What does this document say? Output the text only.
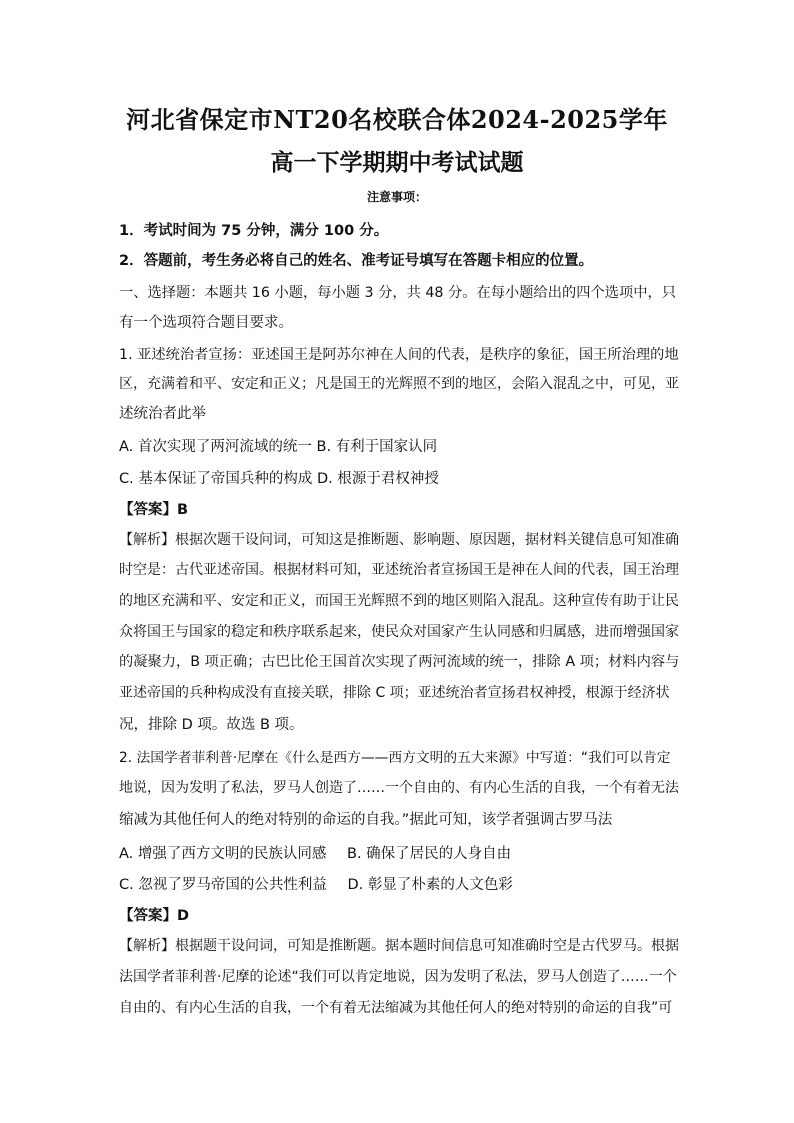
河北省保定市NT20名校联合体2024-2025学年
高一下学期期中考试试题
注意事项：
1．考试时间为 75 分钟，满分 100 分。
2．答题前，考生务必将自己的姓名、准考证号填写在答题卡相应的位置。
一、选择题：本题共 16 小题，每小题 3 分，共 48 分。在每小题给出的四个选项中，只
有一个选项符合题目要求。
1. 亚述统治者宣扬：亚述国王是阿苏尔神在人间的代表，是秩序的象征，国王所治理的地
区，充满着和平、安定和正义；凡是国王的光辉照不到的地区，会陷入混乱之中，可见，亚
述统治者此举
A. 首次实现了两河流域的统一 B. 有利于国家认同
C. 基本保证了帝国兵种的构成 D. 根源于君权神授
【答案】B
【解析】根据次题干设问词，可知这是推断题、影响题、原因题，据材料关键信息可知准确
时空是：古代亚述帝国。根据材料可知，亚述统治者宣扬国王是神在人间的代表，国王治理
的地区充满和平、安定和正义，而国王光辉照不到的地区则陷入混乱。这种宣传有助于让民
众将国王与国家的稳定和秩序联系起来，使民众对国家产生认同感和归属感，进而增强国家
的凝聚力，B 项正确；古巴比伦王国首次实现了两河流域的统一，排除 A 项；材料内容与
亚述帝国的兵种构成没有直接关联，排除 C 项；亚述统治者宣扬君权神授，根源于经济状
况，排除 D 项。故选 B 项。
2. 法国学者菲利普·尼摩在《什么是西方——西方文明的五大来源》中写道：“我们可以肯定
地说，因为发明了私法，罗马人创造了……一个自由的、有内心生活的自我，一个有着无法
缩减为其他任何人的绝对特别的命运的自我。”据此可知，该学者强调古罗马法
A. 增强了西方文明的民族认同感 B. 确保了居民的人身自由
C. 忽视了罗马帝国的公共性利益 D. 彰显了朴素的人文色彩
【答案】D
【解析】根据题干设问词，可知是推断题。据本题时间信息可知准确时空是古代罗马。根据
法国学者菲利普·尼摩的论述“我们可以肯定地说，因为发明了私法，罗马人创造了……一个
自由的、有内心生活的自我，一个有着无法缩减为其他任何人的绝对特别的命运的自我”可
